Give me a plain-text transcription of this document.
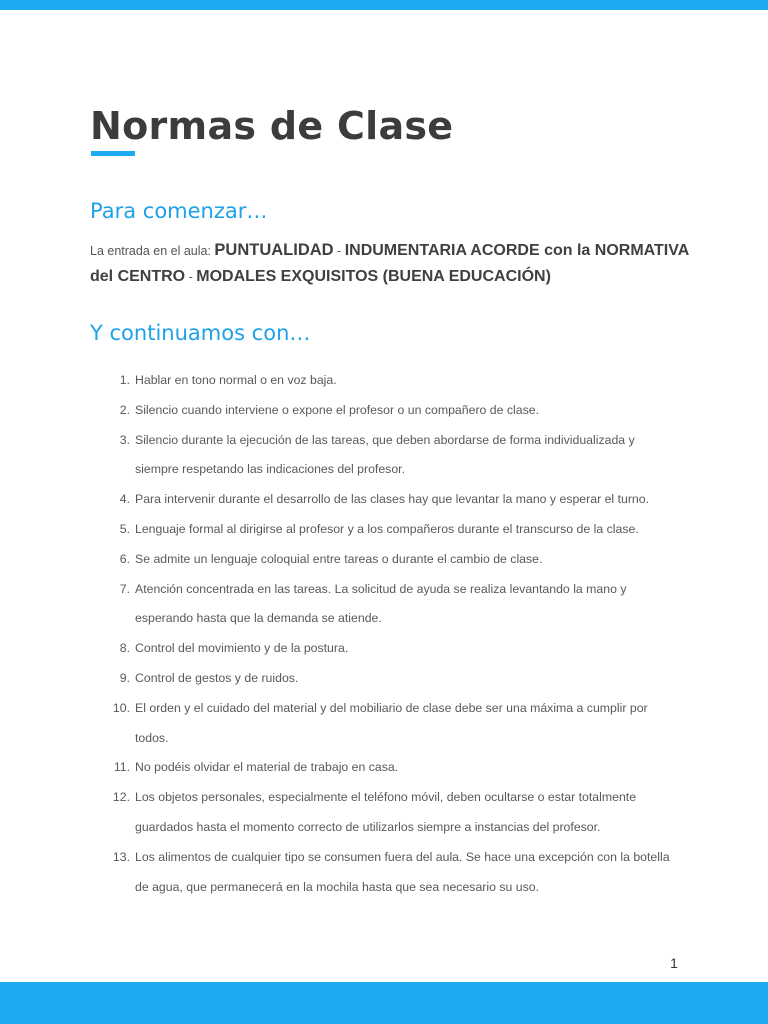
Normas de Clase
Para comenzar…

La entrada en el aula: PUNTUALIDAD - INDUMENTARIA ACORDE con la NORMATIVA del CENTRO - MODALES EXQUISITOS (BUENA EDUCACIÓN)

Y continuamos con…
1. Hablar en tono normal o en voz baja.
2. Silencio cuando interviene o expone el profesor o un compañero de clase.
3. Silencio durante la ejecución de las tareas, que deben abordarse de forma individualizada y siempre respetando las indicaciones del profesor.
4. Para intervenir durante el desarrollo de las clases hay que levantar la mano y esperar el turno.
5. Lenguaje formal al dirigirse al profesor y a los compañeros durante el transcurso de la clase.
6. Se admite un lenguaje coloquial entre tareas o durante el cambio de clase.
7. Atención concentrada en las tareas. La solicitud de ayuda se realiza levantando la mano y esperando hasta que la demanda se atiende.
8. Control del movimiento y de la postura.
9. Control de gestos y de ruidos.
10. El orden y el cuidado del material y del mobiliario de clase debe ser una máxima a cumplir por todos.
11. No podéis olvidar el material de trabajo en casa.
12. Los objetos personales, especialmente el teléfono móvil, deben ocultarse o estar totalmente guardados hasta el momento correcto de utilizarlos siempre a instancias del profesor.
13. Los alimentos de cualquier tipo se consumen fuera del aula. Se hace una excepción con la botella de agua, que permanecerá en la mochila hasta que sea necesario su uso.
1
